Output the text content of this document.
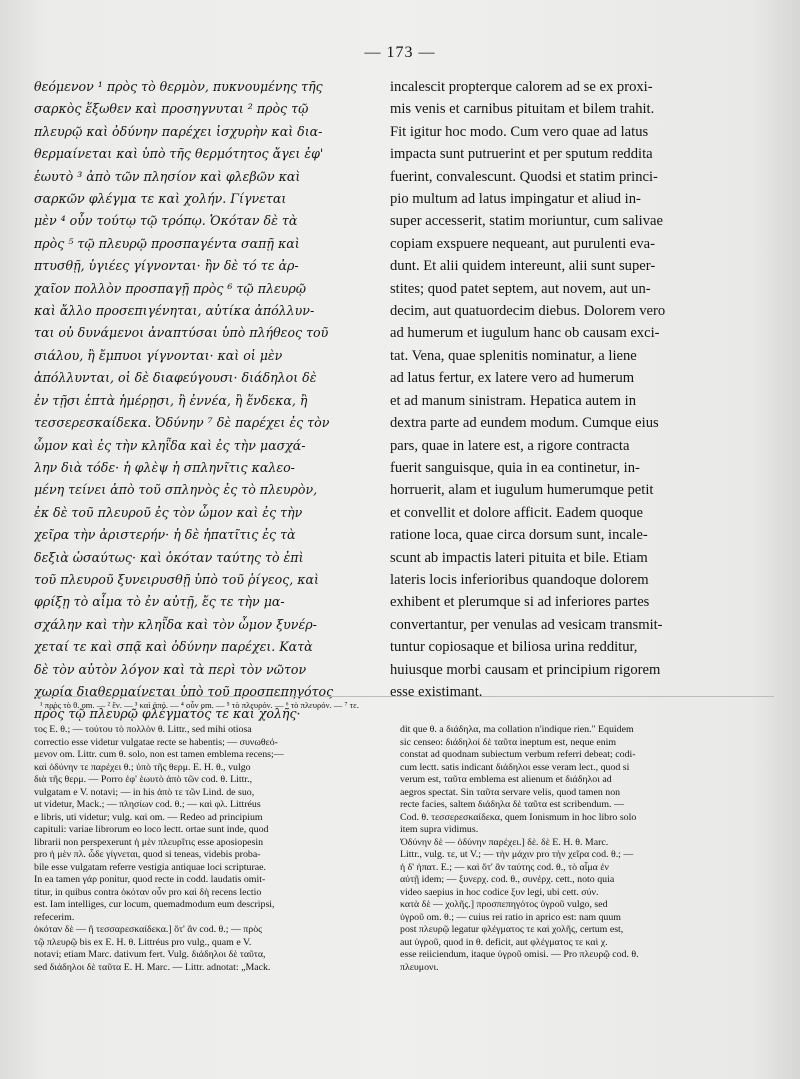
— 173 —
θεόμενον ¹ πρὸς τὸ θερμὸν, πυκνουμένης τῆς
σαρκὸς ἕξωθεν καὶ προσηγνυται ² πρὸς τῷ
πλευρῷ καὶ ὀδύνην παρέχει ἰσχυρὴν καὶ δια-
θερμαίνεται καὶ ὑπὸ τῆς θερμότητος ἄγει ἐφ'
ἑωυτὸ ³ ἀπὸ τῶν πλησίον καὶ φλεβῶν καὶ
σαρκῶν φλέγμα τε καὶ χολήν. Γίγνεται
μὲν ⁴ οὖν τούτῳ τῷ τρόπῳ. Ὁκόταν δὲ τὰ
πρὸς ⁵ τῷ πλευρῷ προσπαγέντα σαπῇ καὶ
πτυσθῇ, ὑγιέες γίγνονται· ἢν δὲ τό τε ἀρ-
χαῖον πολλὸν προσπαγῇ πρὸς ⁶ τῷ πλευρῷ
καὶ ἄλλο προσεπιγένηται, αὐτίκα ἀπόλλυν-
ται οὐ δυνάμενοι ἀναπτύσαι ὑπὸ πλήθεος τοῦ
σιάλου, ἢ ἔμπυοι γίγνονται· καὶ οἱ μὲν
ἀπόλλυνται, οἱ δὲ διαφεύγουσι· διάδηλοι δὲ
ἐν τῇσι ἑπτὰ ἡμέρῃσι, ἢ ἐννέα, ἢ ἕνδεκα, ἢ
τεσσερεσκαίδεκα. Ὀδύνην ⁷ δὲ παρέχει ἐς τὸν
ὦμον καὶ ἐς τὴν κληῗδα καὶ ἐς τὴν μασχά-
λην διὰ τόδε· ἡ φλὲψ ἡ σπληνῖτις καλεο-
μένη τείνει ἀπὸ τοῦ σπληνὸς ἐς τὸ πλευρὸν,
ἐκ δὲ τοῦ πλευροῦ ἐς τὸν ὦμον καὶ ἐς τὴν
χεῖρα τὴν ἀριστερήν· ἡ δὲ ἡπατῖτις ἐς τὰ
δεξιὰ ὡσαύτως· καὶ ὁκόταν ταύτης τὸ ἐπὶ
τοῦ πλευροῦ ξυνειρυσθῇ ὑπὸ τοῦ ῥίγεος, καὶ
φρίξῃ τὸ αἷμα τὸ ἐν αὐτῇ, ἔς τε τὴν μα-
σχάλην καὶ τὴν κληῗδα καὶ τὸν ὦμον ξυνέρ-
χεταί τε καὶ σπᾷ καὶ ὀδύνην παρέχει. Κατὰ
δὲ τὸν αὐτὸν λόγον καὶ τὰ περὶ τὸν νῶτον
χωρία διαθερμαίνεται ὑπὸ τοῦ προσπεπηγότος
πρὸς τῷ πλευρῷ φλέγματός τε καὶ χολῆς·
incalescit propterque calorem ad se ex proxi-
mis venis et carnibus pituitam et bilem trahit.
Fit igitur hoc modo. Cum vero quae ad latus
impacta sunt putruerint et per sputum reddita
fuerint, convalescunt. Quodsi et statim princi-
pio multum ad latus impingatur et aliud in-
super accesserit, statim moriuntur, cum salivae
copiam exspuere nequeant, aut purulenti eva-
dunt. Et alii quidem intereunt, alii sunt super-
stites; quod patet septem, aut novem, aut un-
decim, aut quatuordecim diebus. Dolorem vero
ad humerum et iugulum hanc ob causam exci-
tat. Vena, quae splenitis nominatur, a liene
ad latus fertur, ex latere vero ad humerum
et ad manum sinistram. Hepatica autem in
dextra parte ad eundem modum. Cumque eius
pars, quae in latere est, a rigore contracta
fuerit sanguisque, quia in ea continetur, in-
horruerit, alam et iugulum humerumque petit
et convellit et dolore afficit. Eadem quoque
ratione loca, quae circa dorsum sunt, incale-
scunt ab impactis lateri pituita et bile. Etiam
lateris locis inferioribus quandoque dolorem
exhibent et plerumque si ad inferiores partes
convertantur, per venulas ad vesicam transmit-
tuntur copiosaque et biliosa urina redditur,
huiusque morbi causam et principium rigorem
esse existimant.
¹ πρὸς τὸ θ. om. — ² ἓν. — ³ καὶ ἀπό. — ⁴ οὖν om. — ⁵ τὸ πλευρόν. — ⁶ τὸ πλευρόν. — ⁷ τε.
τος E. θ.; — τούτου τὸ πολλὸν θ. Littr., sed mihi otiosa
correctio esse videtur vulgatae recte se habentis; — συνωθεό-
μενον om. Littr. cum θ. solo, non est tamen emblema recens;—
καὶ ὀδύνην τε παρέχει θ.; ὑπὸ τῆς θερμ. E. H. θ., vulgo
διὰ τῆς θερμ. — Porro ἐφ' ἑωυτὸ ἀπὸ τῶν cod. θ. Littr.,
vulgatam e V. notavi; — in his ἀπὸ τε τῶν Lind. de suo,
ut videtur, Mack.; — πλησίων cod. θ.; — καὶ φλ. Littréus
e libris, uti videtur; vulg. καὶ om. — Redeo ad principium
capituli: variae librorum eo loco lectt. ortae sunt inde, quod
librarii non perspexerunt ἡ μὲν πλευρῖτις esse aposiopesin
pro ἡ μὲν πλ. ὧδε γίγνεται, quod si teneas, videbis proba-
bile esse vulgatam referre vestigia antiquae loci scripturae.
In ea tamen γάρ ponitur, quod recte in codd. laudatis omit-
titur, in quibus contra ὁκόταν οὖν pro καὶ δὴ recens lectio
est. Iam intelliges, cur locum, quemadmodum eum descripsi,
refecerim.
ὁκόταν δὲ — ἢ τεσσαρεσκαίδεκα.] ὅτ' ἂν cod. θ.; — πρὸς
τῷ πλευρῷ bis ex E. H. θ. Littréus pro vulg., quam e V.
notavi; etiam Marc. dativum fert. Vulg. διάδηλοι δὲ ταῦτα,
sed διάδηλοι δὲ ταῦτα E. H. Marc. — Littr. adnotat: „Mack.
dit que θ. a διάδηλα, ma collation n'indique rien." Equidem
sic censeo: διάδηλοί δὲ ταῦτα ineptum est, neque enim
constat ad quodnam subiectum verbum referri debeat; codi-
cum lectt. satis indicant διάδηλοι esse veram lect., quod si
verum est, ταῦτα emblema est alienum et διάδηλοι ad
aegros spectat. Sin ταῦτα servare velis, quod tamen non
recte facies, saltem διάδηλα δὲ ταῦτα est scribendum. —
Cod. θ. τεσσερεσκαίδεκα, quem Ionismum in hoc libro solo
item supra vidimus.
Ὀδύνην δὲ — ὀδύνην παρέχει.] δὲ. δὲ E. H. θ. Marc.
Littr., vulg. τε, ut V.; — τὴν μάχιν pro τὴν χεῖρα cod. θ.; —
ἡ δ' ἡπατ. E.; — καὶ ὅτ' ἂν ταύτης cod. θ., τὸ αἷμα ἐν
αὐτῇ idem; — ξυνερχ. cod. θ., συνέρχ. cett., noto quia
video saepius in hoc codice ξυν legi, ubi cett. σύν.
κατὰ δὲ — χολῆς.] προσπεπηγότος ὑγροῦ vulgo, sed
ὑγροῦ om. θ.; — cuius rei ratio in aprico est: nam quum
post πλευρῷ legatur φλέγματος τε καὶ χολῆς, certum est,
aut ὑγροῦ, quod in θ. deficit, aut φλέγματος τε καὶ χ.
esse reiiciendum, itaque ὑγροῦ omisi. — Pro πλευρῷ cod. θ.
πλευμονι.
